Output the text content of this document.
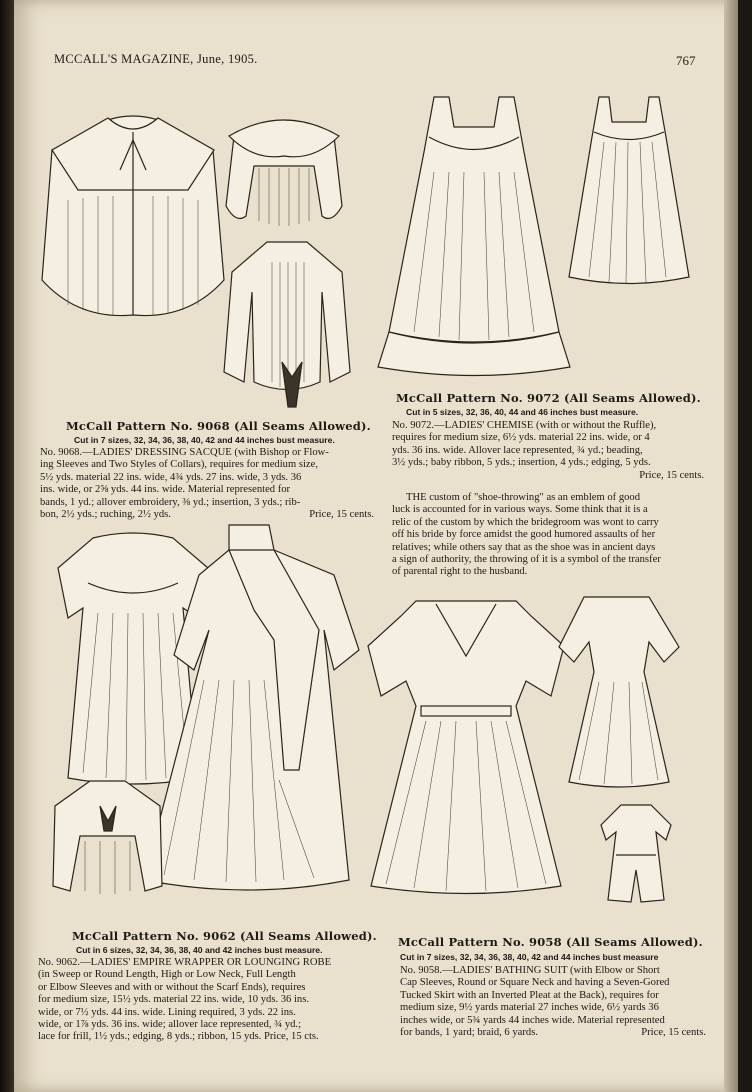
MCCALL'S MAGAZINE, June, 1905.	767
McCall Pattern No. 9068 (All Seams Allowed).
Cut in 7 sizes, 32, 34, 36, 38, 40, 42 and 44 inches bust measure.
No. 9068.—LADIES' DRESSING SACQUE (with Bishop or Flow-
ing Sleeves and Two Styles of Collars), requires for medium size,
5½ yds. material 22 ins. wide, 4¾ yds. 27 ins. wide, 3 yds. 36
ins. wide, or 2⅝ yds. 44 ins. wide. Material represented for
bands, 1 yd.; allover embroidery, ⅜ yd.; insertion, 3 yds.; rib-
bon, 2½ yds.; ruching, 2½ yds.	Price, 15 cents.
McCall Pattern No. 9072 (All Seams Allowed).
Cut in 5 sizes, 32, 36, 40, 44 and 46 inches bust measure.
No. 9072.—LADIES' CHEMISE (with or without the Ruffle),
requires for medium size, 6½ yds. material 22 ins. wide, or 4
yds. 36 ins. wide. Allover lace represented, ¾ yd.; beading,
3½ yds.; baby ribbon, 5 yds.; insertion, 4 yds.; edging, 5 yds.
Price, 15 cents.
THE custom of "shoe-throwing" as an emblem of good
luck is accounted for in various ways. Some think that it is a
relic of the custom by which the bridegroom was wont to carry
off his bride by force amidst the good humored assaults of her
relatives; while others say that as the shoe was in ancient days
a sign of authority, the throwing of it is a symbol of the transfer
of parental right to the husband.
McCall Pattern No. 9062 (All Seams Allowed).
Cut in 6 sizes, 32, 34, 36, 38, 40 and 42 inches bust measure.
No. 9062.—LADIES' EMPIRE WRAPPER OR LOUNGING ROBE
(in Sweep or Round Length, High or Low Neck, Full Length
or Elbow Sleeves and with or without the Scarf Ends), requires
for medium size, 15½ yds. material 22 ins. wide, 10 yds. 36 ins.
wide, or 7½ yds. 44 ins. wide. Lining required, 3 yds. 22 ins.
wide, or 1⅞ yds. 36 ins. wide; allover lace represented, ¾ yd.;
lace for frill, 1½ yds.; edging, 8 yds.; ribbon, 15 yds. Price, 15 cts.
McCall Pattern No. 9058 (All Seams Allowed).
Cut in 7 sizes, 32, 34, 36, 38, 40, 42 and 44 inches bust measure
No. 9058.—LADIES' BATHING SUIT (with Elbow or Short
Cap Sleeves, Round or Square Neck and having a Seven-Gored
Tucked Skirt with an Inverted Pleat at the Back), requires for
medium size, 9½ yards material 27 inches wide, 6½ yards 36
inches wide, or 5¾ yards 44 inches wide. Material represented
for bands, 1 yard; braid, 6 yards.	Price, 15 cents.
